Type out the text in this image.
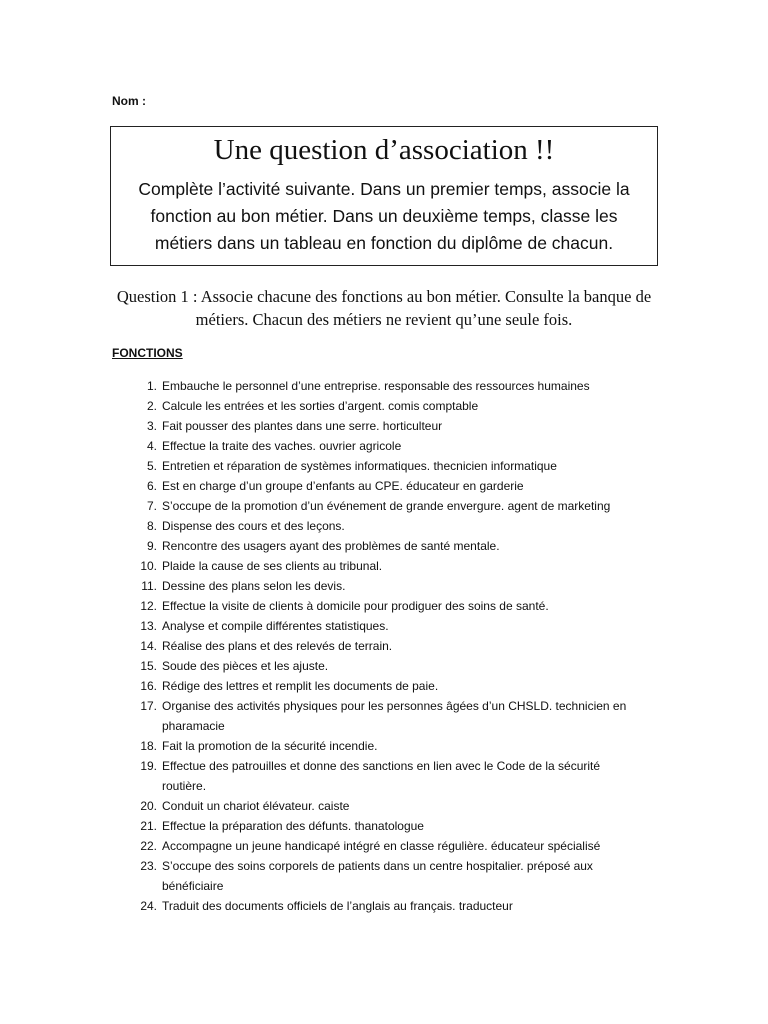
Nom :
Une question d’association !!
Complète l’activité suivante. Dans un premier temps, associe la fonction au bon métier. Dans un deuxième temps, classe les métiers dans un tableau en fonction du diplôme de chacun.
Question 1 : Associe chacune des fonctions au bon métier. Consulte la banque de métiers. Chacun des métiers ne revient qu’une seule fois.
FONCTIONS
1. Embauche le personnel d’une entreprise. responsable des ressources humaines
2. Calcule les entrées et les sorties d’argent. comis comptable
3. Fait pousser des plantes dans une serre. horticulteur
4. Effectue la traite des vaches. ouvrier agricole
5. Entretien et réparation de systèmes informatiques. thecnicien informatique
6. Est en charge d’un groupe d’enfants au CPE. éducateur en garderie
7. S’occupe de la promotion d’un événement de grande envergure. agent de marketing
8. Dispense des cours et des leçons.
9. Rencontre des usagers ayant des problèmes de santé mentale.
10. Plaide la cause de ses clients au tribunal.
11. Dessine des plans selon les devis.
12. Effectue la visite de clients à domicile pour prodiguer des soins de santé.
13. Analyse et compile différentes statistiques.
14. Réalise des plans et des relevés de terrain.
15. Soude des pièces et les ajuste.
16. Rédige des lettres et remplit les documents de paie.
17. Organise des activités physiques pour les personnes âgées d’un CHSLD. technicien en pharamacie
18. Fait la promotion de la sécurité incendie.
19. Effectue des patrouilles et donne des sanctions en lien avec le Code de la sécurité routière.
20. Conduit un chariot élévateur. caiste
21. Effectue la préparation des défunts. thanatologue
22. Accompagne un jeune handicapé intégré en classe régulière. éducateur spécialisé
23. S’occupe des soins corporels de patients dans un centre hospitalier. préposé aux bénéficiaire
24. Traduit des documents officiels de l’anglais au français. traducteur
